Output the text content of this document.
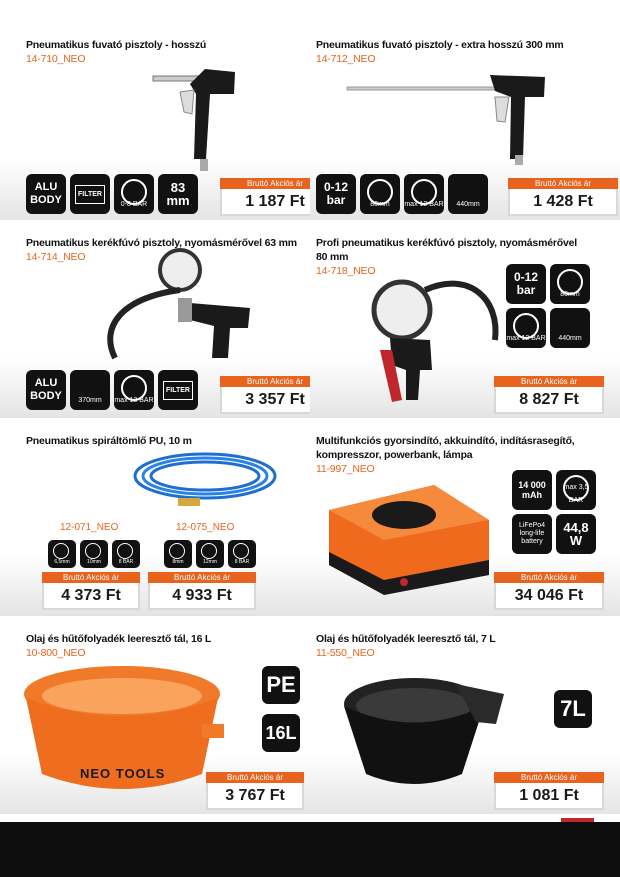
Pneumatikus fuvató pisztoly - hosszú
14-710_NEO
ALU BODY	FILTER
0-8 BAR
83 mm
Bruttó Akciós ár
1 187 Ft
Pneumatikus fuvató pisztoly - extra hosszú 300 mm
14-712_NEO
0-12 bar	80mm	max 12 BAR	440mm
Bruttó Akciós ár
1 428 Ft
Pneumatikus kerékfúvó pisztoly, nyomásmérővel 63 mm
14-714_NEO
ALU BODY	370mm	max 12 BAR
FILTER
Bruttó Akciós ár
3 357 Ft
Profi pneumatikus kerékfúvó pisztoly, nyomásmérővel 80 mm
14-718_NEO	0-12 bar	80mm
max 12 BAR	440mm
Bruttó Akciós ár
8 827 Ft
Pneumatikus spiráltömlő PU, 10 m
12-071_NEO	12-075_NEO
6,5mm	10mm	8 BAR	8mm	12mm	8 BAR
Bruttó Akciós ár
4 373 Ft
Bruttó Akciós ár
4 933 Ft
Multifunkciós gyorsindító, akkuindító, indításrasegítő, kompresszor, powerbank, lámpa
11-997_NEO
14 000 mAh
max 3,5 BAR
LiFePo4 long-life battery
44,8 W
Bruttó Akciós ár
34 046 Ft
Olaj és hűtőfolyadék leeresztő tál, 16 L
10-800_NEO
NEO TOOLS
PE
16L
Bruttó Akciós ár
3 767 Ft
Olaj és hűtőfolyadék leeresztő tál, 7 L
11-550_NEO
7L
Bruttó Akciós ár
1 081 Ft
